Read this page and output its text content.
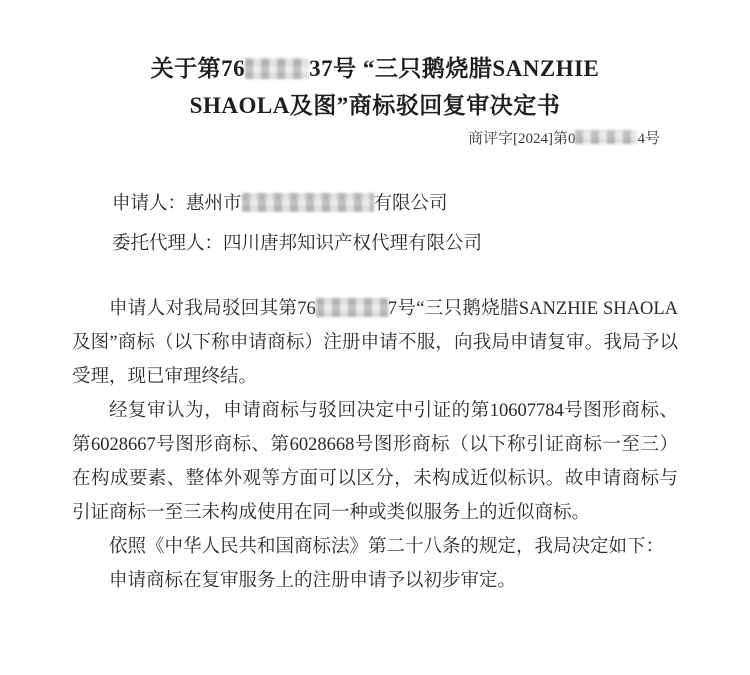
关于第76	37号 “三只鹅烧腊SANZHIE
SHAOLA及图”商标驳回复审决定书
商评字[2024]第0	4号
申请人：惠州市	有限公司
委托代理人：四川唐邦知识产权代理有限公司

申请人对我局驳回其第76	7号“三只鹅烧腊SANZHIE SHAOLA及图”商标（以下称申请商标）注册申请不服，向我局申请复审。我局予以受理，现已审理终结。

经复审认为，申请商标与驳回决定中引证的第10607784号图形商标、第6028667号图形商标、第6028668号图形商标（以下称引证商标一至三）在构成要素、整体外观等方面可以区分，未构成近似标识。故申请商标与引证商标一至三未构成使用在同一种或类似服务上的近似商标。

依照《中华人民共和国商标法》第二十八条的规定，我局决定如下：

申请商标在复审服务上的注册申请予以初步审定。
